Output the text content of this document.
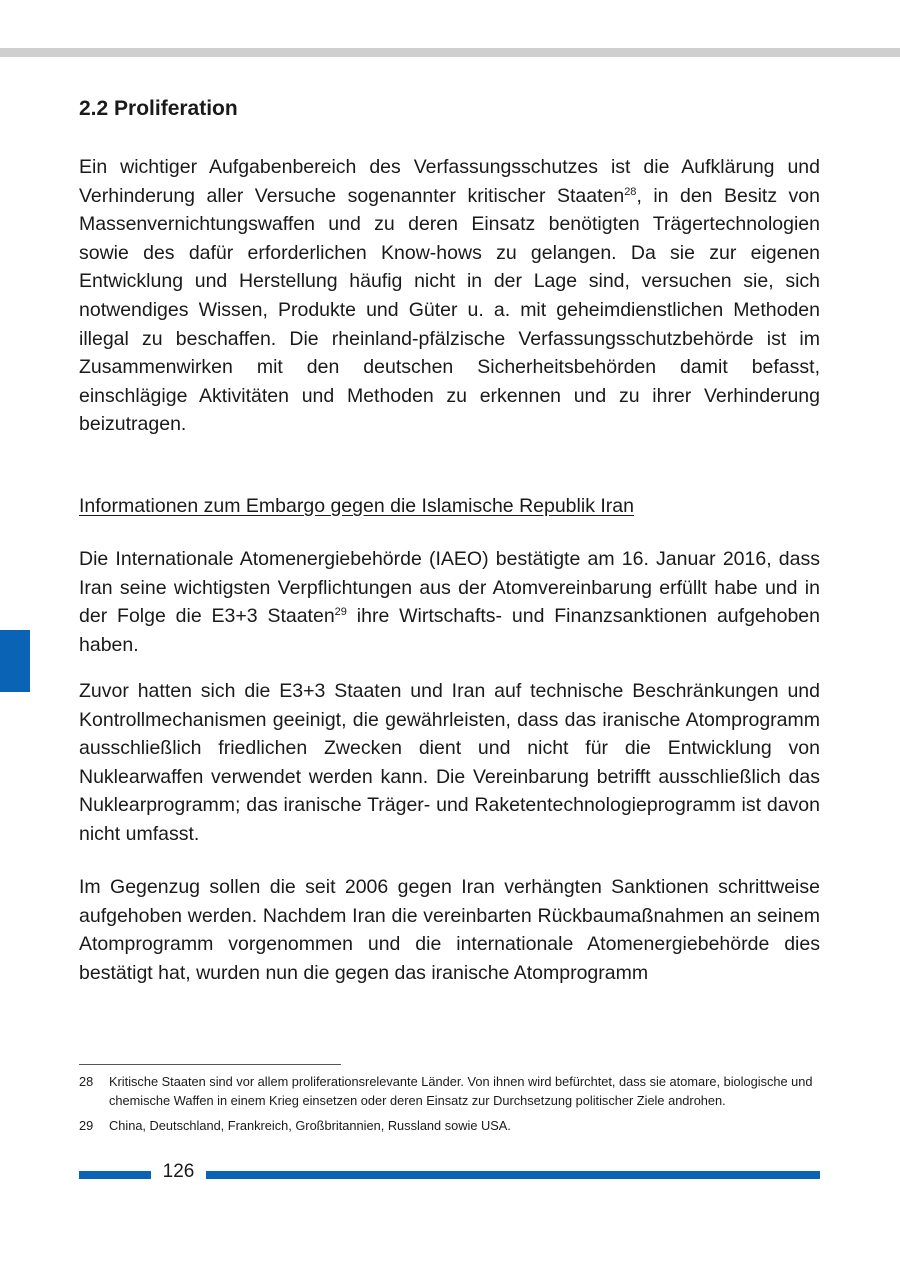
2.2 Proliferation

Ein wichtiger Aufgabenbereich des Verfassungsschutzes ist die Aufklärung und Verhinderung aller Versuche sogenannter kritischer Staaten$^{28}$, in den Besitz von Massenvernichtungswaffen und zu deren Einsatz benötigten Trägertechnologien sowie des dafür erforderlichen Know-hows zu gelangen. Da sie zur eigenen Entwicklung und Herstellung häufig nicht in der Lage sind, versuchen sie, sich notwendiges Wissen, Produkte und Güter u. a. mit geheimdienstlichen Methoden illegal zu beschaffen. Die rheinland-pfälzische Verfassungsschutzbehörde ist im Zusammenwirken mit den deutschen Sicherheitsbehörden damit befasst, einschlägige Aktivitäten und Methoden zu erkennen und zu ihrer Verhinderung beizutragen.

Informationen zum Embargo gegen die Islamische Republik Iran

Die Internationale Atomenergiebehörde (IAEO) bestätigte am 16. Januar 2016, dass Iran seine wichtigsten Verpflichtungen aus der Atomvereinbarung erfüllt habe und in der Folge die E3+3 Staaten$^{29}$ ihre Wirtschafts- und Finanzsanktionen aufgehoben haben.

Zuvor hatten sich die E3+3 Staaten und Iran auf technische Beschränkungen und Kontrollmechanismen geeinigt, die gewährleisten, dass das iranische Atomprogramm ausschließlich friedlichen Zwecken dient und nicht für die Entwicklung von Nuklearwaffen verwendet werden kann. Die Vereinbarung betrifft ausschließlich das Nuklearprogramm; das iranische Träger- und Raketentechnologieprogramm ist davon nicht umfasst.

Im Gegenzug sollen die seit 2006 gegen Iran verhängten Sanktionen schrittweise aufgehoben werden. Nachdem Iran die vereinbarten Rückbaumaßnahmen an seinem Atomprogramm vorgenommen und die internationale Atomenergiebehörde dies bestätigt hat, wurden nun die gegen das iranische Atomprogramm

28 Kritische Staaten sind vor allem proliferationsrelevante Länder. Von ihnen wird befürchtet, dass sie atomare, biologische und chemische Waffen in einem Krieg einsetzen oder deren Einsatz zur Durchsetzung politischer Ziele androhen.
29 China, Deutschland, Frankreich, Großbritannien, Russland sowie USA.
126
